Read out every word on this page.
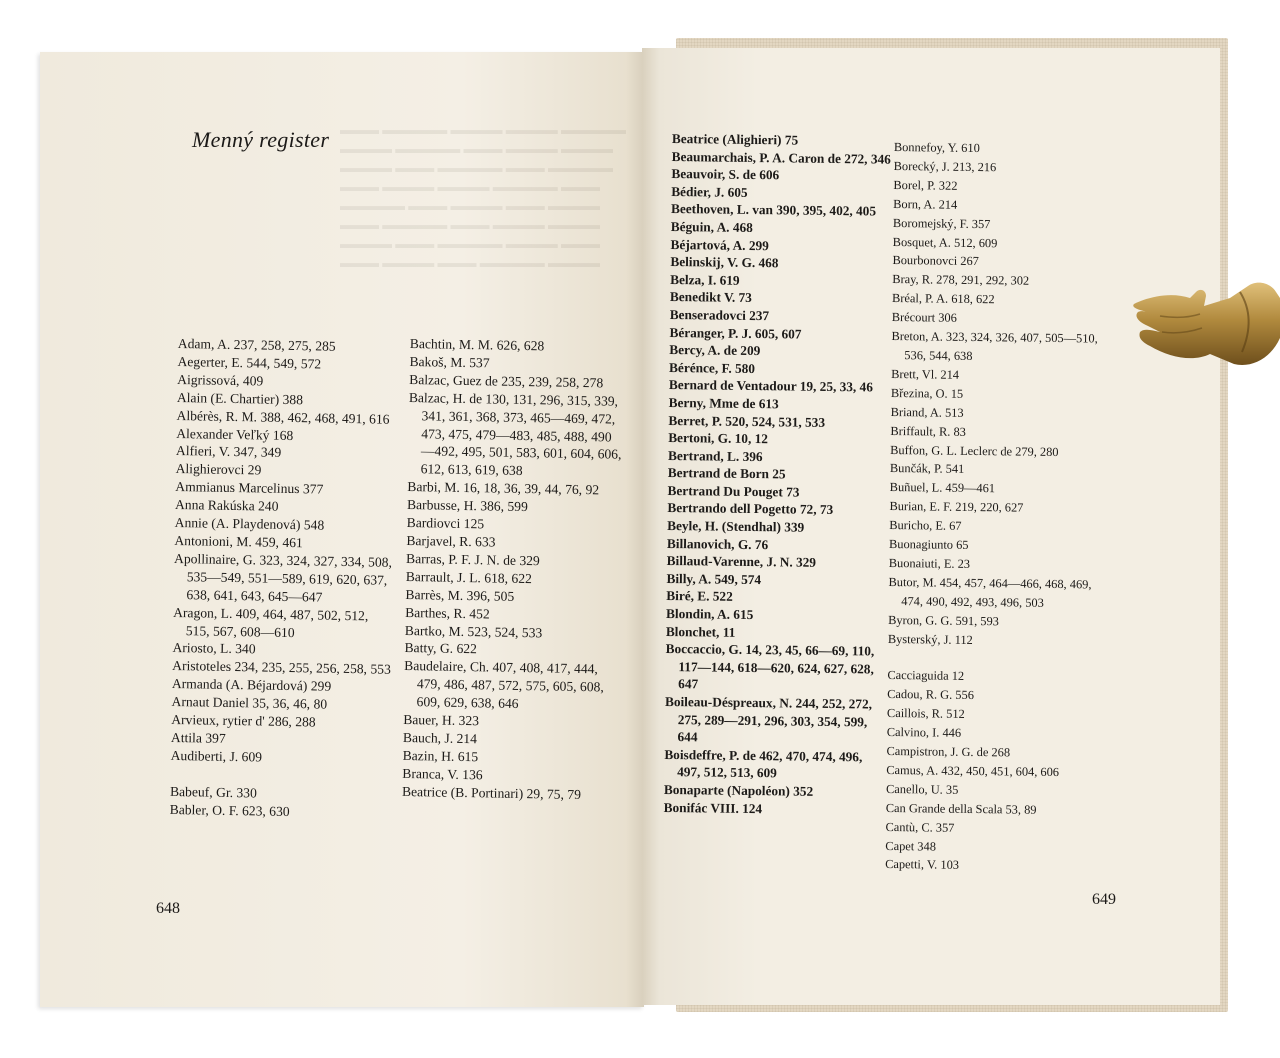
▬▬▬ ▬▬▬▬▬ ▬▬▬▬ ▬▬▬▬ ▬▬▬▬▬
▬▬▬▬ ▬▬▬▬▬ ▬▬▬ ▬▬▬▬ ▬▬▬▬
▬▬▬▬ ▬▬▬ ▬▬▬▬▬ ▬▬▬ ▬▬▬▬▬
▬▬▬ ▬▬▬▬ ▬▬▬▬ ▬▬▬▬▬ ▬▬▬
▬▬▬▬▬ ▬▬▬ ▬▬▬▬ ▬▬▬ ▬▬▬▬
▬▬▬ ▬▬▬▬▬ ▬▬▬ ▬▬▬▬ ▬▬▬▬
▬▬▬▬ ▬▬▬ ▬▬▬▬▬ ▬▬▬▬ ▬▬▬
▬▬▬ ▬▬▬▬ ▬▬▬ ▬▬▬▬▬ ▬▬▬▬
Menný register
Adam, A. 237, 258, 275, 285
Aegerter, E. 544, 549, 572
Aigrissová, 409
Alain (E. Chartier) 388
Albérès, R. M. 388, 462, 468, 491, 616
Alexander Veľký 168
Alfieri, V. 347, 349
Alighierovci 29
Ammianus Marcelinus 377
Anna Rakúska 240
Annie (A. Playdenová) 548
Antonioni, M. 459, 461
Apollinaire, G. 323, 324, 327, 334, 508, 535—549, 551—589, 619, 620, 637, 638, 641, 643, 645—647
Aragon, L. 409, 464, 487, 502, 512, 515, 567, 608—610
Ariosto, L. 340
Aristoteles 234, 235, 255, 256, 258, 553
Armanda (A. Béjardová) 299
Arnaut Daniel 35, 36, 46, 80
Arvieux, rytier d' 286, 288
Attila 397
Audiberti, J. 609
Babeuf, Gr. 330
Babler, O. F. 623, 630
Bachtin, M. M. 626, 628
Bakoš, M. 537
Balzac, Guez de 235, 239, 258, 278
Balzac, H. de 130, 131, 296, 315, 339, 341, 361, 368, 373, 465—469, 472, 473, 475, 479—483, 485, 488, 490—492, 495, 501, 583, 601, 604, 606, 612, 613, 619, 638
Barbi, M. 16, 18, 36, 39, 44, 76, 92
Barbusse, H. 386, 599
Bardiovci 125
Barjavel, R. 633
Barras, P. F. J. N. de 329
Barrault, J. L. 618, 622
Barrès, M. 396, 505
Barthes, R. 452
Bartko, M. 523, 524, 533
Batty, G. 622
Baudelaire, Ch. 407, 408, 417, 444, 479, 486, 487, 572, 575, 605, 608, 609, 629, 638, 646
Bauer, H. 323
Bauch, J. 214
Bazin, H. 615
Branca, V. 136
Beatrice (B. Portinari) 29, 75, 79
648
Beatrice (Alighieri) 75
Beaumarchais, P. A. Caron de 272, 346
Beauvoir, S. de 606
Bédier, J. 605
Beethoven, L. van 390, 395, 402, 405
Béguin, A. 468
Béjartová, A. 299
Belinskij, V. G. 468
Belza, I. 619
Benedikt V. 73
Benseradovci 237
Béranger, P. J. 605, 607
Bercy, A. de 209
Bérénce, F. 580
Bernard de Ventadour 19, 25, 33, 46
Berny, Mme de 613
Berret, P. 520, 524, 531, 533
Bertoni, G. 10, 12
Bertrand, L. 396
Bertrand de Born 25
Bertrand Du Pouget 73
Bertrando dell Pogetto 72, 73
Beyle, H. (Stendhal) 339
Billanovich, G. 76
Billaud-Varenne, J. N. 329
Billy, A. 549, 574
Biré, E. 522
Blondin, A. 615
Blonchet, 11
Boccaccio, G. 14, 23, 45, 66—69, 110, 117—144, 618—620, 624, 627, 628, 647
Boileau-Déspreaux, N. 244, 252, 272, 275, 289—291, 296, 303, 354, 599, 644
Boisdeffre, P. de 462, 470, 474, 496, 497, 512, 513, 609
Bonaparte (Napoléon) 352
Bonifác VIII. 124
Bonnefoy, Y. 610
Borecký, J. 213, 216
Borel, P. 322
Born, A. 214
Boromejský, F. 357
Bosquet, A. 512, 609
Bourbonovci 267
Bray, R. 278, 291, 292, 302
Bréal, P. A. 618, 622
Brécourt 306
Breton, A. 323, 324, 326, 407, 505—510, 536, 544, 638
Brett, Vl. 214
Březina, O. 15
Briand, A. 513
Briffault, R. 83
Buffon, G. L. Leclerc de 279, 280
Bunčák, P. 541
Buñuel, L. 459—461
Burian, E. F. 219, 220, 627
Buricho, E. 67
Buonagiunto 65
Buonaiuti, E. 23
Butor, M. 454, 457, 464—466, 468, 469, 474, 490, 492, 493, 496, 503
Byron, G. G. 591, 593
Bysterský, J. 112
Cacciaguida 12
Cadou, R. G. 556
Caillois, R. 512
Calvino, I. 446
Campistron, J. G. de 268
Camus, A. 432, 450, 451, 604, 606
Canello, U. 35
Can Grande della Scala 53, 89
Cantù, C. 357
Capet 348
Capetti, V. 103
649
